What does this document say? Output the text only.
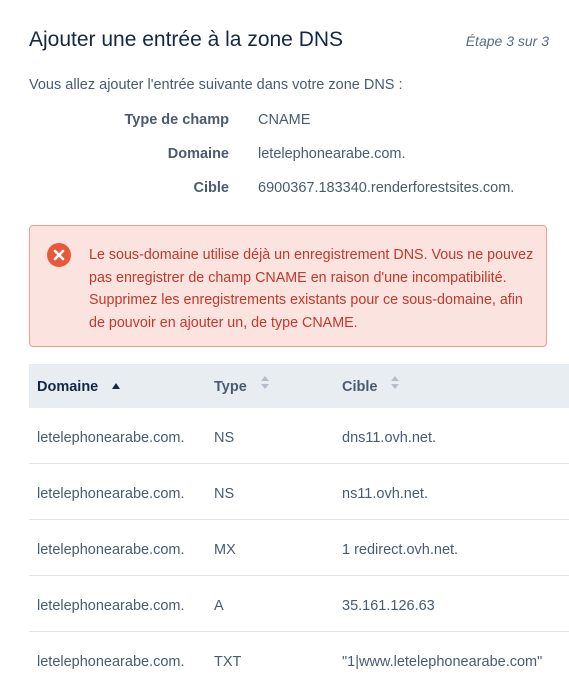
Ajouter une entrée à la zone DNS	Étape 3 sur 3
Vous allez ajouter l'entrée suivante dans votre zone DNS :
Type de champ CNAME
Domaine letelephonearabe.com.
Cible 6900367.183340.renderforestsites.com.

Le sous-domaine utilise déjà un enregistrement DNS. Vous ne pouvez pas enregistrer de champ CNAME en raison d'une incompatibilité. Supprimez les enregistrements existants pour ce sous-domaine, afin de pouvoir en ajouter un, de type CNAME.

Domaine	Type	Cible
letelephonearabe.com. NS	dns11.ovh.net.
letelephonearabe.com. NS	ns11.ovh.net.
letelephonearabe.com. MX	1 redirect.ovh.net.
letelephonearabe.com. A	35.161.126.63
letelephonearabe.com. TXT	"1|www.letelephonearabe.com"
